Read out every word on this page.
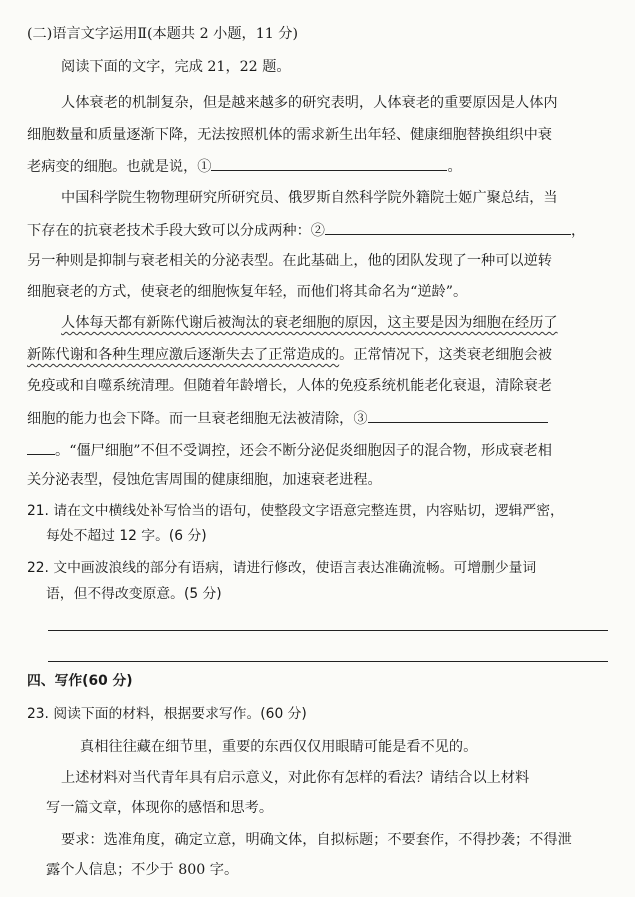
(二)语言文字运用Ⅱ(本题共 2 小题，11 分)
阅读下面的文字，完成 21，22 题。
人体衰老的机制复杂，但是越来越多的研究表明，人体衰老的重要原因是人体内
细胞数量和质量逐渐下降，无法按照机体的需求新生出年轻、健康细胞替换组织中衰
老病变的细胞。也就是说，①	。
中国科学院生物物理研究所研究员、俄罗斯自然科学院外籍院士姬广聚总结，当
下存在的抗衰老技术手段大致可以分成两种：②	，
另一种则是抑制与衰老相关的分泌表型。在此基础上，他的团队发现了一种可以逆转
细胞衰老的方式，使衰老的细胞恢复年轻，而他们将其命名为“逆龄”。
人体每天都有新陈代谢后被淘汰的衰老细胞的原因，这主要是因为细胞在经历了
新陈代谢和各种生理应激后逐渐失去了正常造成的。正常情况下，这类衰老细胞会被
免疫或和自噬系统清理。但随着年龄增长，人体的免疫系统机能老化衰退，清除衰老
细胞的能力也会下降。而一旦衰老细胞无法被清除，③
。“僵尸细胞”不但不受调控，还会不断分泌促炎细胞因子的混合物，形成衰老相
关分泌表型，侵蚀危害周围的健康细胞，加速衰老进程。
21. 请在文中横线处补写恰当的语句，使整段文字语意完整连贯，内容贴切，逻辑严密，
每处不超过 12 字。(6 分)
22. 文中画波浪线的部分有语病，请进行修改，使语言表达准确流畅。可增删少量词
语，但不得改变原意。(5 分)
四、写作(60 分)
23. 阅读下面的材料，根据要求写作。(60 分)
真相往往藏在细节里，重要的东西仅仅用眼睛可能是看不见的。
上述材料对当代青年具有启示意义，对此你有怎样的看法？请结合以上材料
写一篇文章，体现你的感悟和思考。
要求：选准角度，确定立意，明确文体，自拟标题；不要套作，不得抄袭；不得泄
露个人信息；不少于 800 字。
